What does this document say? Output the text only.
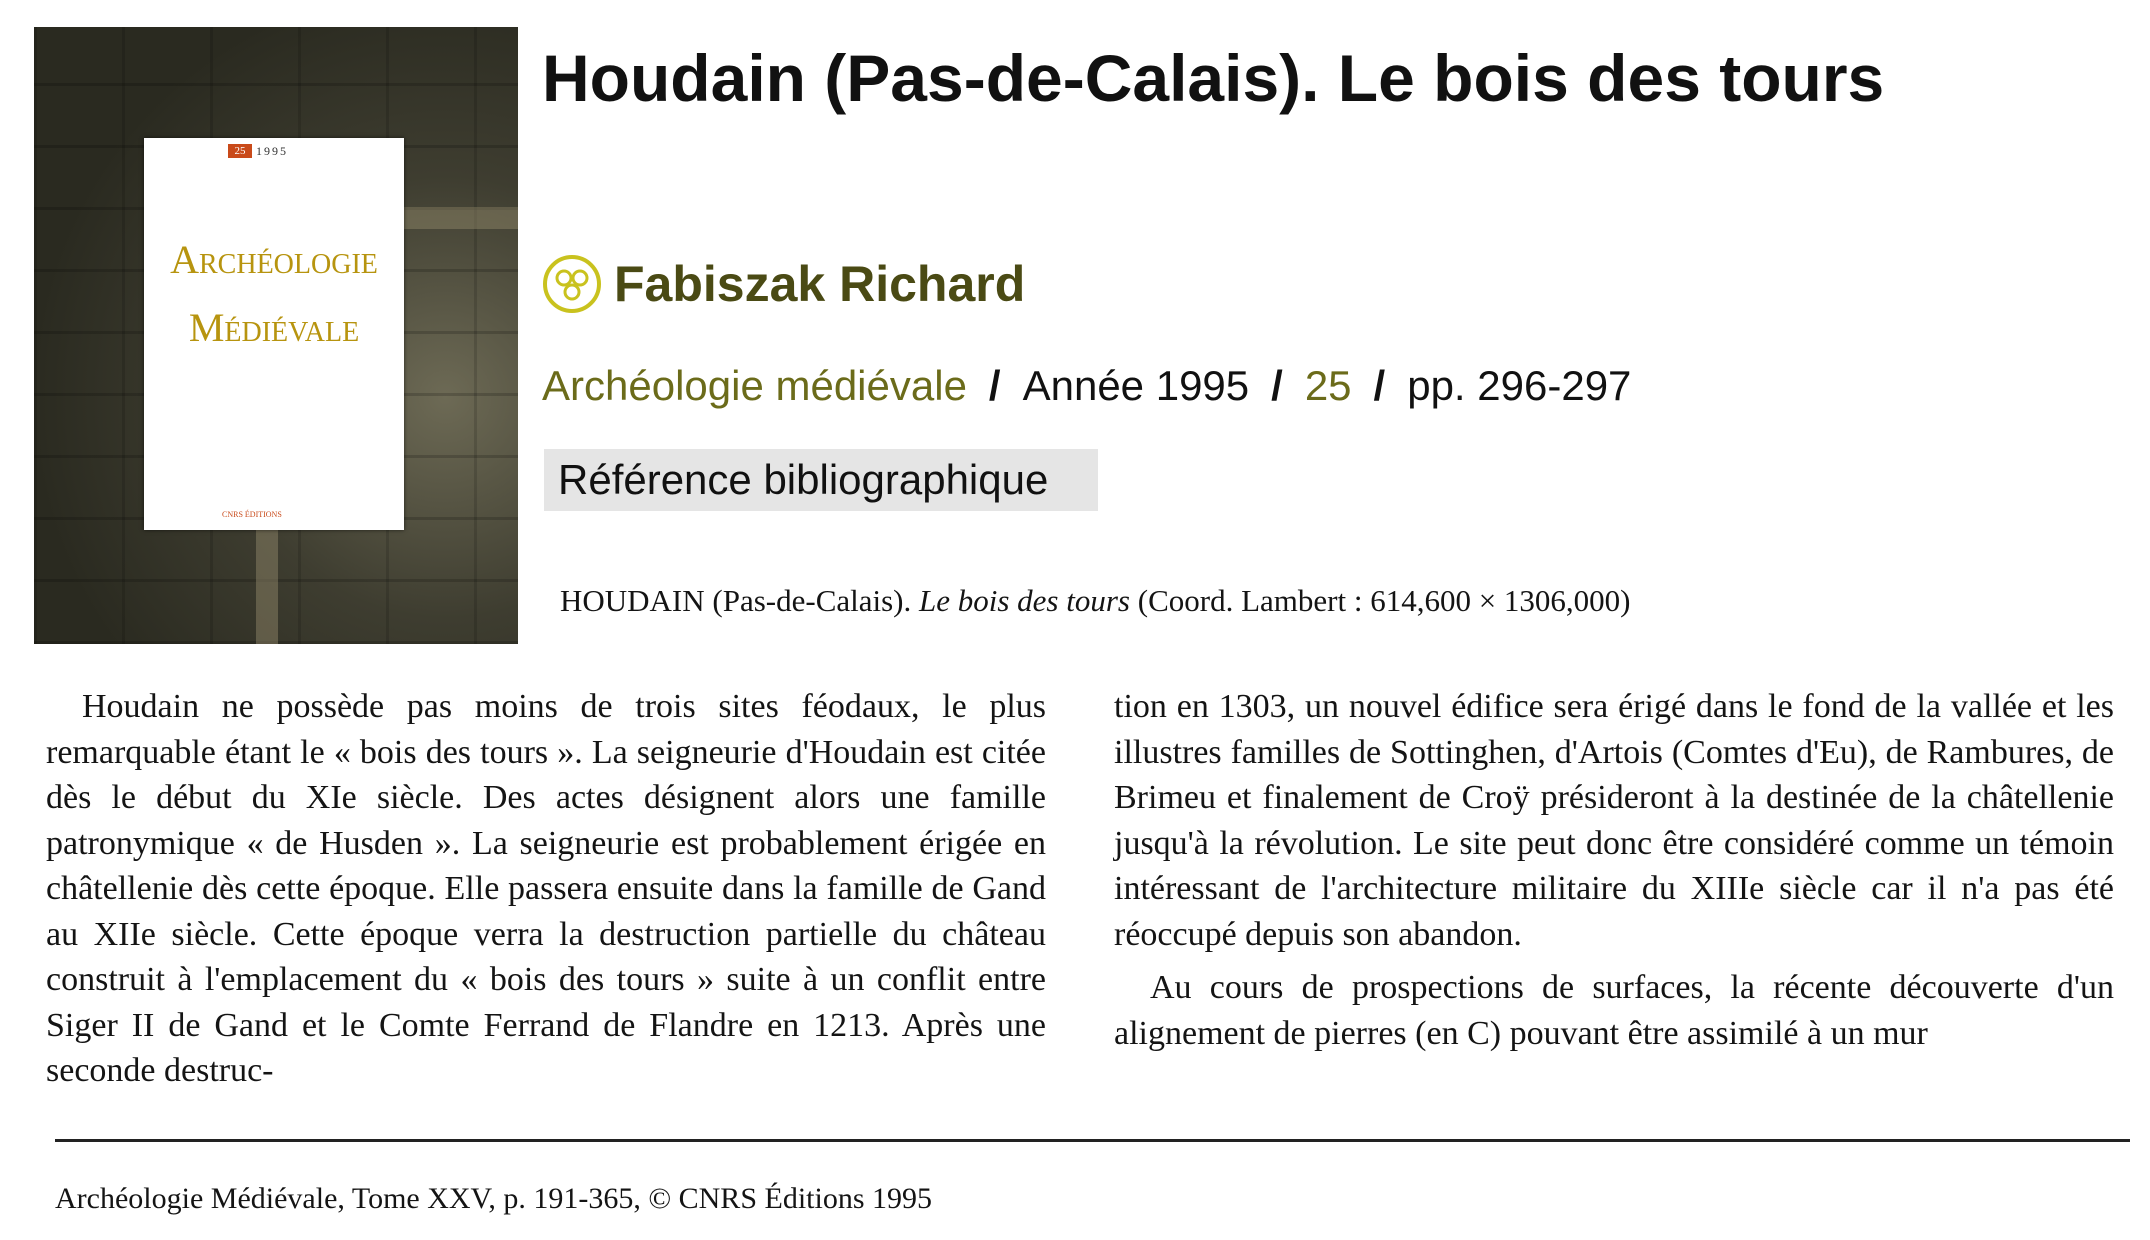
25 1995
Archéologie
Médiévale
CNRS ÉDITIONS
Houdain (Pas-de-Calais). Le bois des tours
Fabiszak Richard
Archéologie médiévale / Année 1995 / 25 / pp. 296-297
Référence bibliographique
HOUDAIN (Pas-de-Calais). Le bois des tours (Coord. Lambert : 614,600 × 1306,000)

Houdain ne possède pas moins de trois sites féodaux, le plus remarquable étant le « bois des tours ». La seigneurie d'Houdain est citée dès le début du XIe siècle. Des actes désignent alors une famille patronymique « de Husden ». La seigneurie est probablement érigée en châtellenie dès cette époque. Elle passera ensuite dans la famille de Gand au XIIe siècle. Cette époque verra la destruction partielle du château construit à l'emplacement du « bois des tours » suite à un conflit entre Siger II de Gand et le Comte Ferrand de Flandre en 1213. Après une seconde destruc-

tion en 1303, un nouvel édifice sera érigé dans le fond de la vallée et les illustres familles de Sottinghen, d'Artois (Comtes d'Eu), de Rambures, de Brimeu et finalement de Croÿ présideront à la destinée de la châtellenie jusqu'à la révolution. Le site peut donc être considéré comme un témoin intéressant de l'architecture militaire du XIIIe siècle car il n'a pas été réoccupé depuis son abandon.

Au cours de prospections de surfaces, la récente découverte d'un alignement de pierres (en C) pouvant être assimilé à un mur

Archéologie Médiévale, Tome XXV, p. 191-365, © CNRS Éditions 1995
